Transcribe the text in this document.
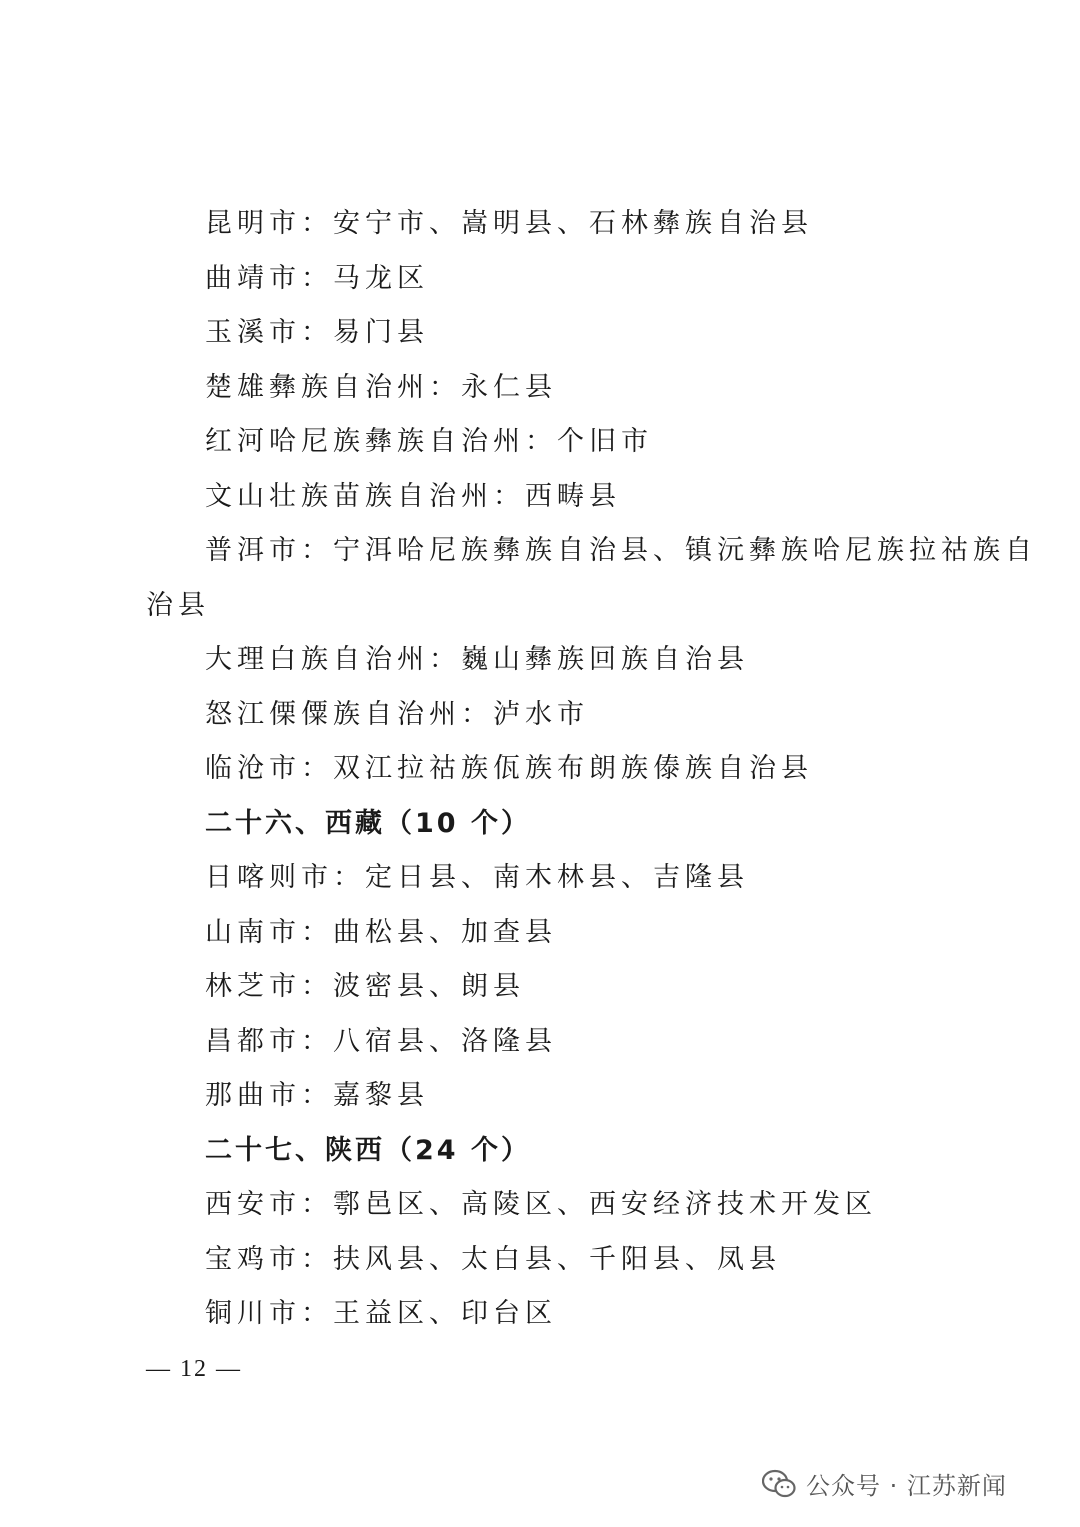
昆明市：安宁市、嵩明县、石林彝族自治县
曲靖市：马龙区
玉溪市：易门县
楚雄彝族自治州：永仁县
红河哈尼族彝族自治州：个旧市
文山壮族苗族自治州：西畴县
普洱市：宁洱哈尼族彝族自治县、镇沅彝族哈尼族拉祜族自
治县
大理白族自治州：巍山彝族回族自治县
怒江傈僳族自治州：泸水市
临沧市：双江拉祜族佤族布朗族傣族自治县
二十六、西藏（10 个）
日喀则市：定日县、南木林县、吉隆县
山南市：曲松县、加查县
林芝市：波密县、朗县
昌都市：八宿县、洛隆县
那曲市：嘉黎县
二十七、陕西（24 个）
西安市：鄠邑区、高陵区、西安经济技术开发区
宝鸡市：扶风县、太白县、千阳县、凤县
铜川市：王益区、印台区
— 12 —
公众号 · 江苏新闻
